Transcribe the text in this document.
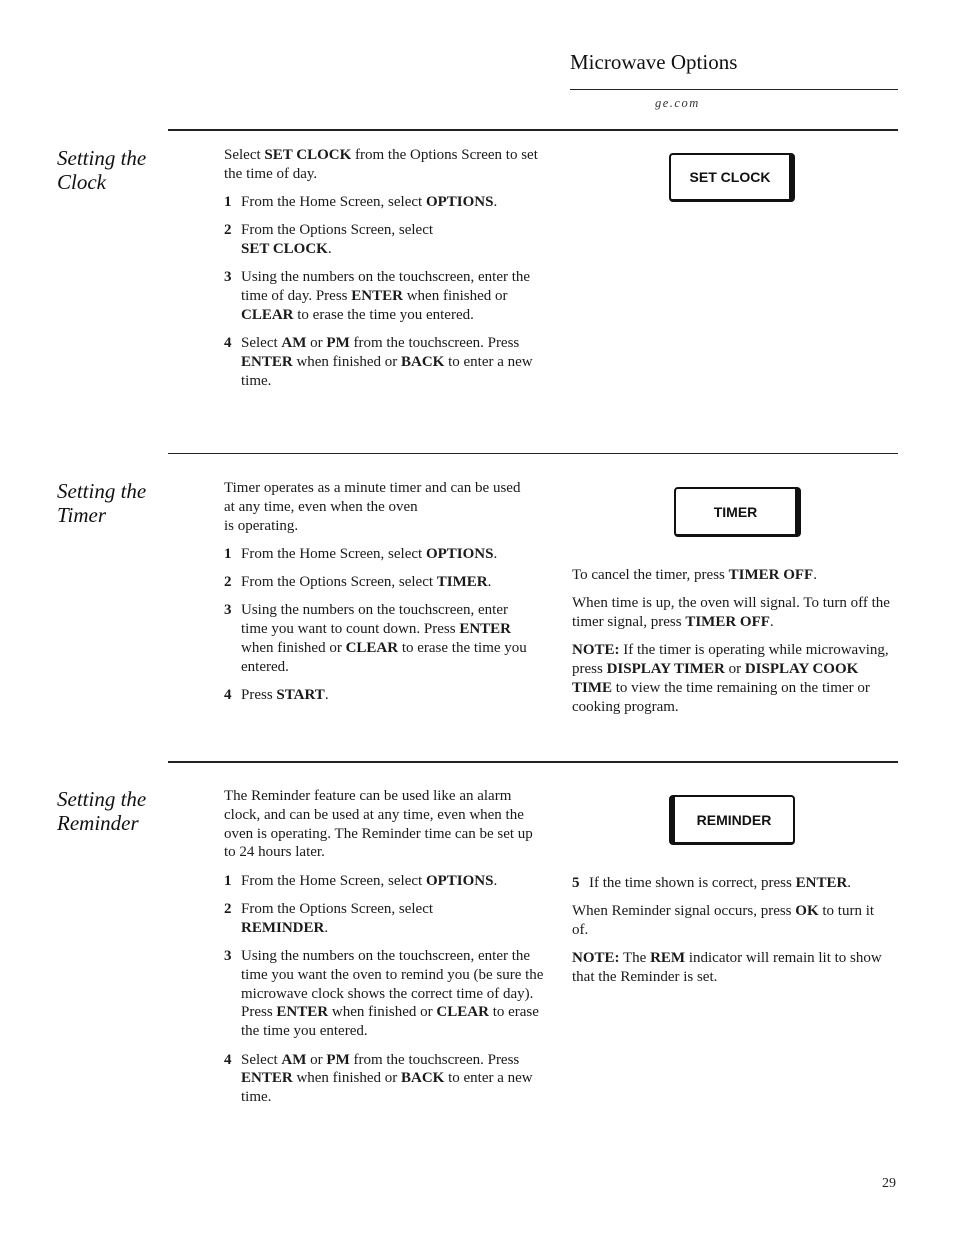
Microwave Options
ge.com
Setting the
Clock

Select SET CLOCK from the Options Screen to set the time of day.

1 From the Home Screen, select OPTIONS.
2 From the Options Screen, select
SET CLOCK.
3 Using the numbers on the touchscreen, enter the time of day. Press ENTER when finished or CLEAR to erase the time you entered.
4 Select AM or PM from the touchscreen. Press ENTER when finished or BACK to enter a new time.
SET CLOCK
Setting the
Timer

Timer operates as a minute timer and can be used at any time, even when the oven
is operating.

1 From the Home Screen, select OPTIONS.
2 From the Options Screen, select TIMER.
3 Using the numbers on the touchscreen, enter time you want to count down. Press ENTER when finished or CLEAR to erase the time you entered.
4 Press START.
TIMER

To cancel the timer, press TIMER OFF.

When time is up, the oven will signal. To turn off the timer signal, press TIMER OFF.

NOTE: If the timer is operating while microwaving, press DISPLAY TIMER or DISPLAY COOK TIME to view the time remaining on the timer or cooking program.

Setting the
Reminder

The Reminder feature can be used like an alarm clock, and can be used at any time, even when the oven is operating. The Reminder time can be set up to 24 hours later.

1 From the Home Screen, select OPTIONS.
2 From the Options Screen, select
REMINDER.
3 Using the numbers on the touchscreen, enter the time you want the oven to remind you (be sure the microwave clock shows the correct time of day). Press ENTER when finished or CLEAR to erase the time you entered.
4 Select AM or PM from the touchscreen. Press ENTER when finished or BACK to enter a new time.
REMINDER
5 If the time shown is correct, press ENTER.

When Reminder signal occurs, press OK to turn it of.

NOTE: The REM indicator will remain lit to show that the Reminder is set.

29
